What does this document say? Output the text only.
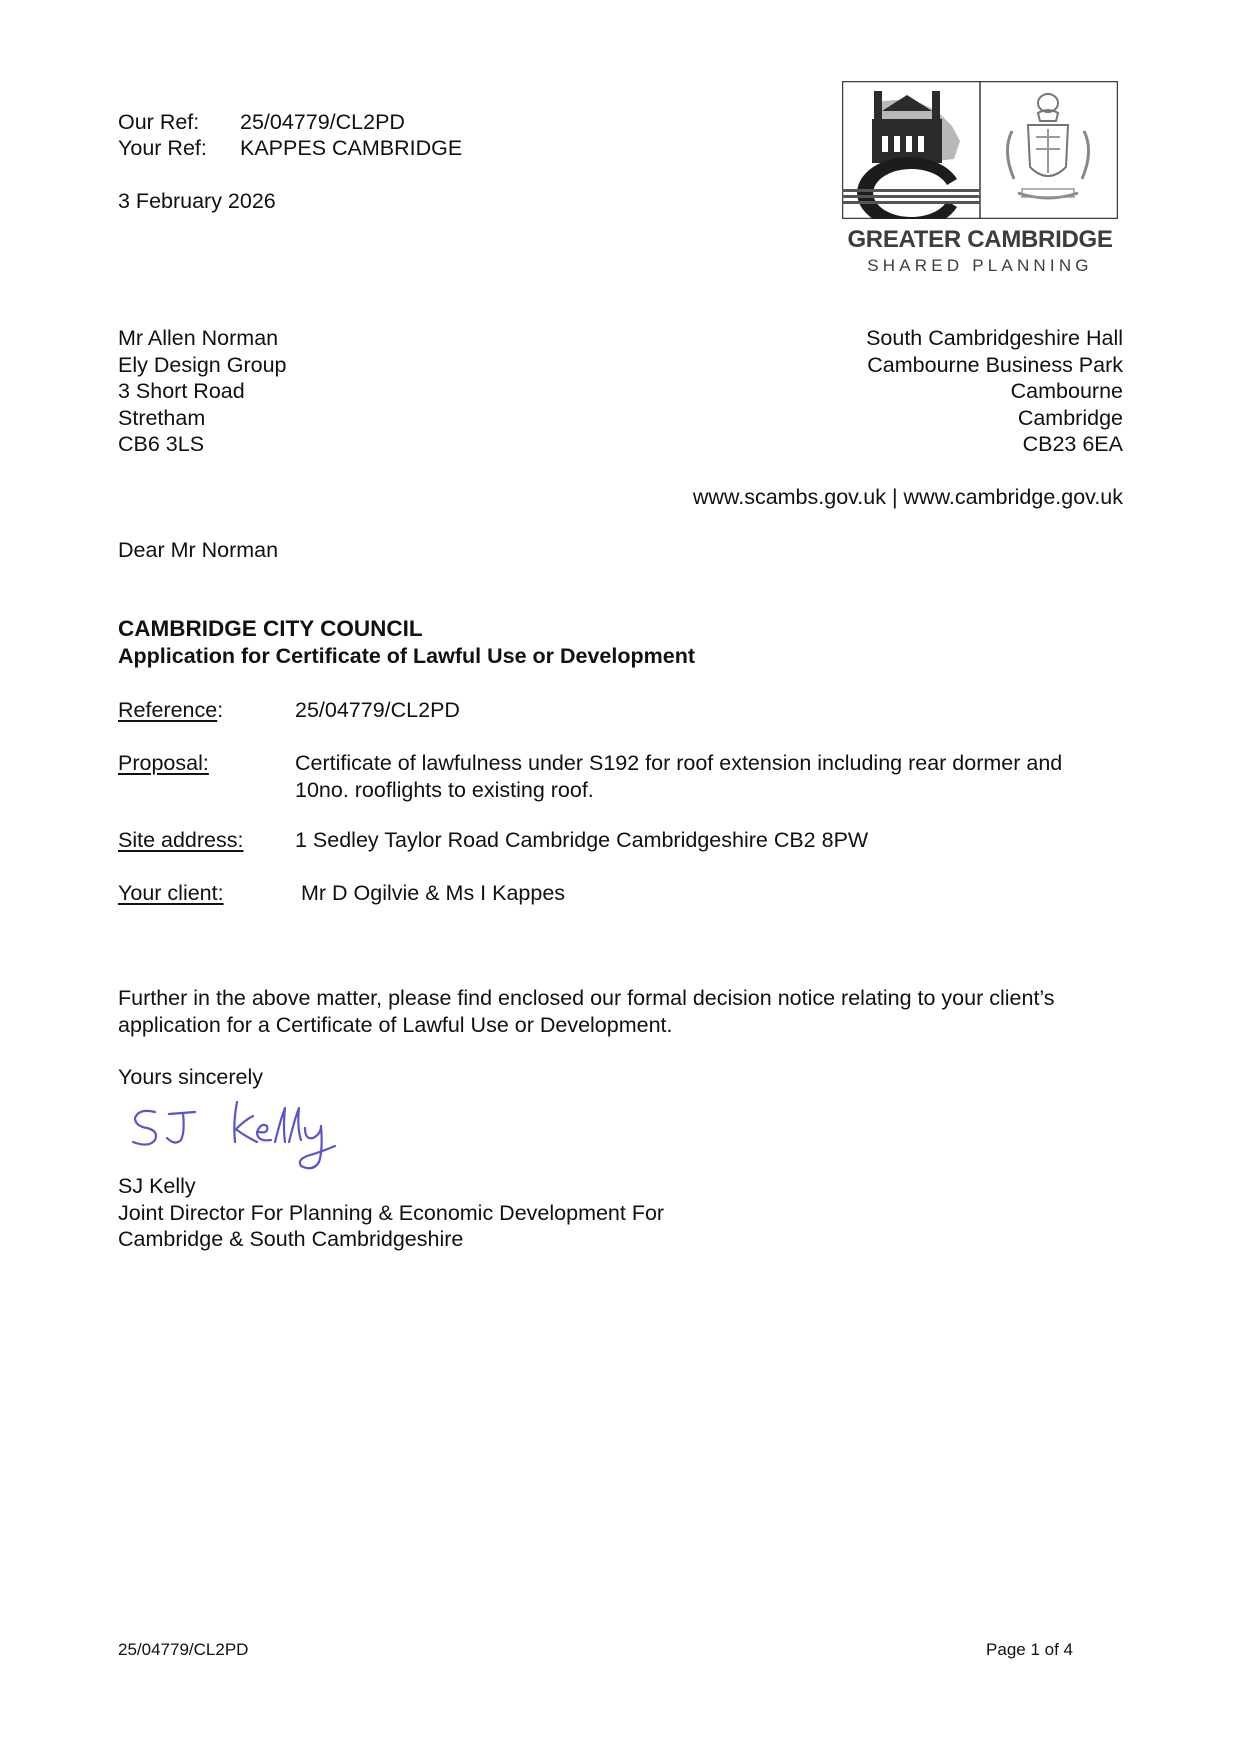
Our Ref: 25/04779/CL2PD
Your Ref: KAPPES CAMBRIDGE
3 February 2026
GREATER CAMBRIDGE
SHARED PLANNING
Mr Allen Norman
Ely Design Group
3 Short Road
Stretham
CB6 3LS
South Cambridgeshire Hall
Cambourne Business Park
Cambourne
Cambridge
CB23 6EA
www.scambs.gov.uk | www.cambridge.gov.uk
Dear Mr Norman
CAMBRIDGE CITY COUNCIL
Application for Certificate of Lawful Use or Development
Reference:	25/04779/CL2PD
Proposal:	Certificate of lawfulness under S192 for roof extension including rear dormer and
10no. rooflights to existing roof.
Site address: 1 Sedley Taylor Road Cambridge Cambridgeshire CB2 8PW
Your client:	Mr D Ogilvie & Ms I Kappes
Further in the above matter, please find enclosed our formal decision notice relating to your client’s
application for a Certificate of Lawful Use or Development.
Yours sincerely
SJ Kelly
Joint Director For Planning & Economic Development For
Cambridge & South Cambridgeshire
25/04779/CL2PD	Page 1 of 4
